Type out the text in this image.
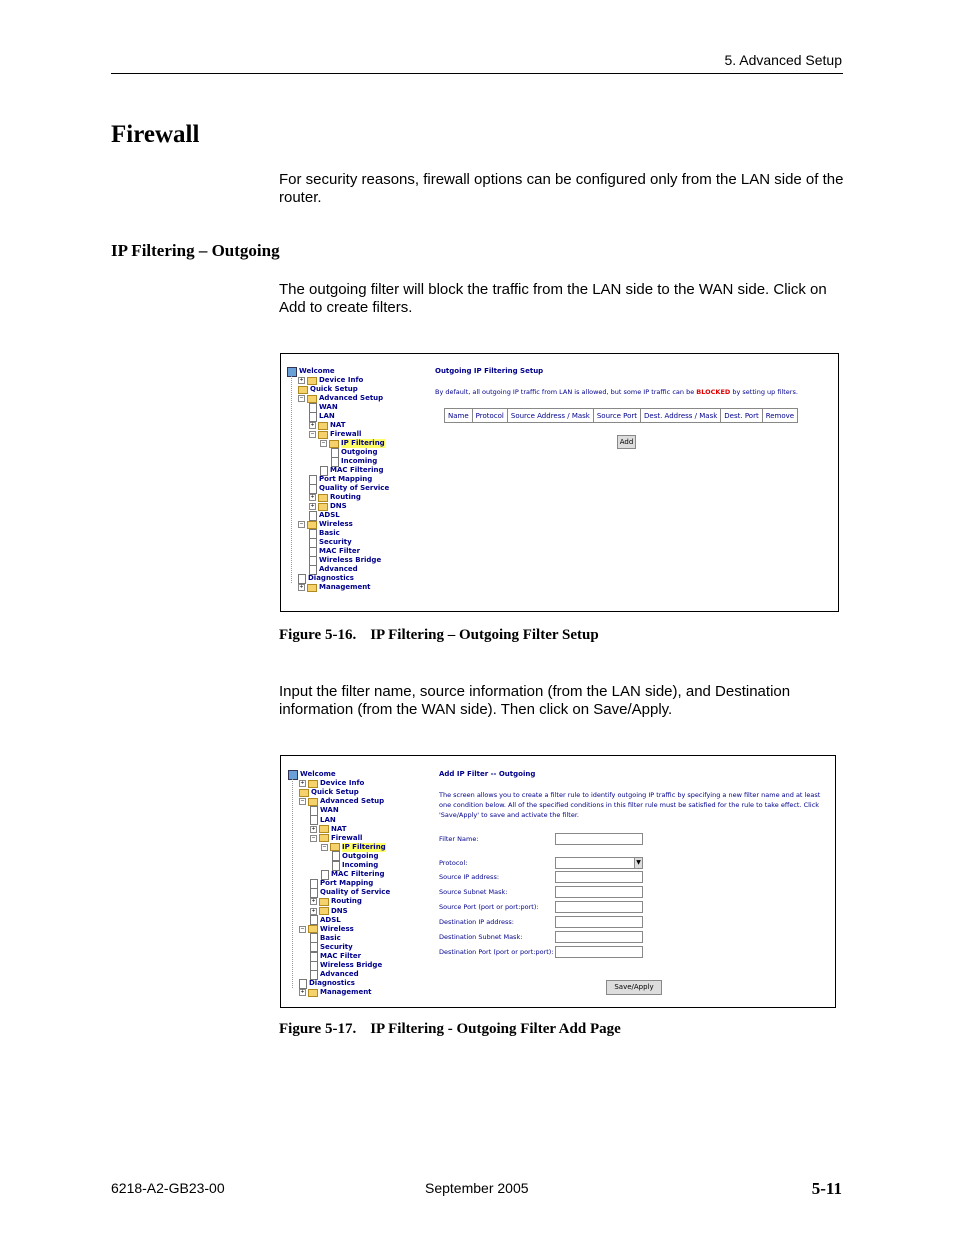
5. Advanced Setup
Firewall
For security reasons, firewall options can be configured only from the LAN side of the router.
IP Filtering – Outgoing
The outgoing filter will block the traffic from the LAN side to the WAN side. Click on Add to create filters.
Welcome
+ Device Info
Quick Setup
− Advanced Setup
WAN
LAN
+ NAT
− Firewall
− IP Filtering
Outgoing
Incoming
MAC Filtering
Port Mapping
Quality of Service
+ Routing
+ DNS
ADSL
− Wireless
Basic
Security
MAC Filter
Wireless Bridge
Advanced
Diagnostics
+ Management
Outgoing IP Filtering Setup
By default, all outgoing IP traffic from LAN is allowed, but some IP traffic can be BLOCKED by setting up filters.
Name	Protocol	Source Address / Mask	Source Port	Dest. Address / Mask	Dest. Port	Remove
Add
Figure 5-16. IP Filtering – Outgoing Filter Setup
Input the filter name, source information (from the LAN side), and Destination information (from the WAN side). Then click on Save/Apply.
Welcome
+ Device Info
Quick Setup
− Advanced Setup
WAN
LAN
+ NAT
− Firewall
− IP Filtering
Outgoing
Incoming
MAC Filtering
Port Mapping
Quality of Service
+ Routing
+ DNS
ADSL
− Wireless
Basic
Security
MAC Filter
Wireless Bridge
Advanced
Diagnostics
+ Management
Add IP Filter -- Outgoing
The screen allows you to create a filter rule to identify outgoing IP traffic by specifying a new filter name and at least one condition below. All of the specified conditions in this filter rule must be satisfied for the rule to take effect. Click 'Save/Apply' to save and activate the filter.
Filter Name:
Protocol:	▼
Source IP address:
Source Subnet Mask:
Source Port (port or port:port):
Destination IP address:
Destination Subnet Mask:
Destination Port (port or port:port):
Save/Apply
Figure 5-17. IP Filtering - Outgoing Filter Add Page
6218-A2-GB23-00	September 2005	5-11
